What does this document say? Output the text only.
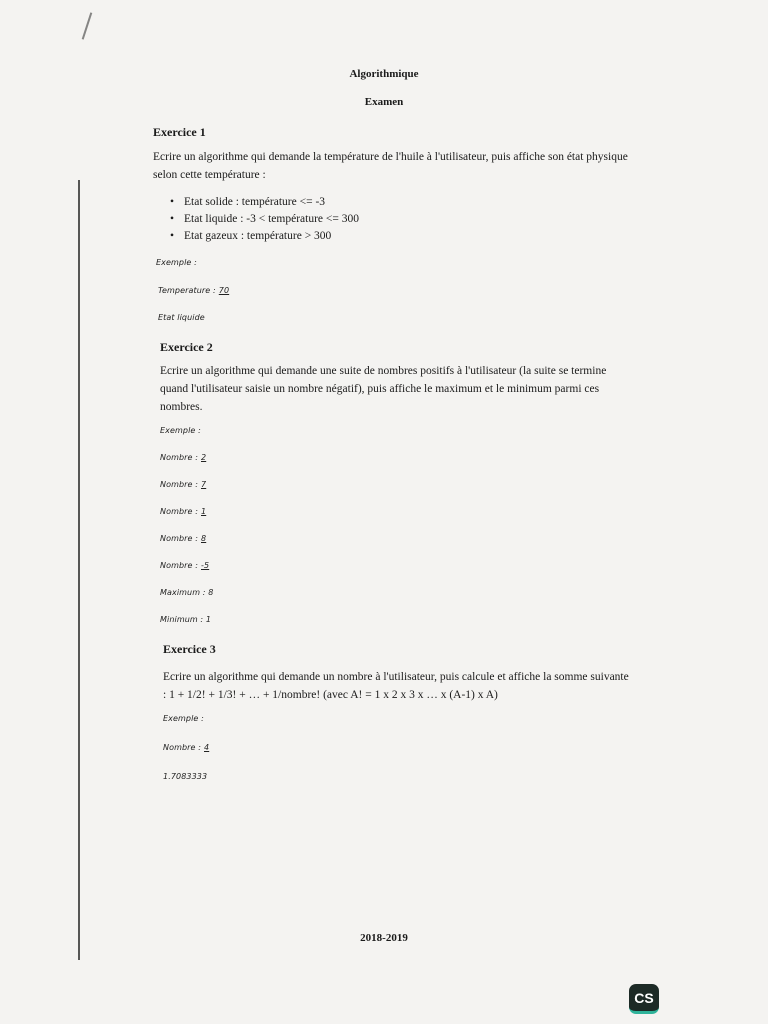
Algorithmique
Examen
Exercice 1
Ecrire un algorithme qui demande la température de l'huile à l'utilisateur, puis affiche son état physique selon cette température :
• Etat solide : température <= -3
• Etat liquide : -3 < température <= 300
• Etat gazeux : température > 300
Exemple :
Temperature : 70
Etat liquide
Exercice 2
Ecrire un algorithme qui demande une suite de nombres positifs à l'utilisateur (la suite se termine quand l'utilisateur saisie un nombre négatif), puis affiche le maximum et le minimum parmi ces nombres.
Exemple :
Nombre : 2
Nombre : 7
Nombre : 1
Nombre : 8
Nombre : -5
Maximum : 8
Minimum : 1
Exercice 3
Ecrire un algorithme qui demande un nombre à l'utilisateur, puis calcule et affiche la somme suivante : 1 + 1/2! + 1/3! + … + 1/nombre! (avec A! = 1 x 2 x 3 x … x (A-1) x A)
Exemple :
Nombre : 4
1.7083333
2018-2019
CS
